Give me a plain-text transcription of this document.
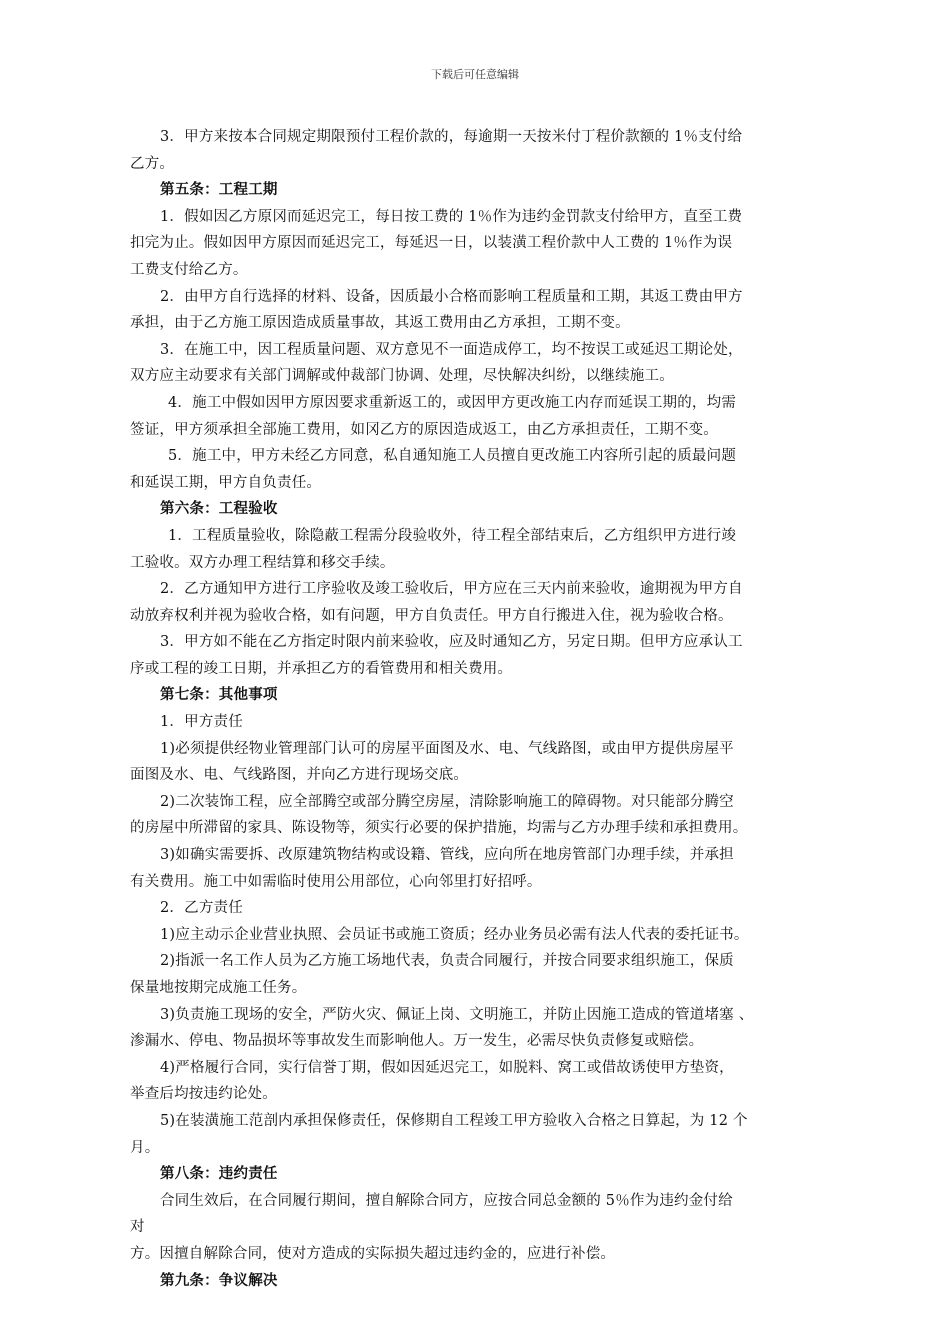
下载后可任意编辑
3．甲方来按本合同规定期限预付工程价款的，每逾期一天按米付丁程价款额的 1％支付给
乙方。
第五条：工程工期
1．假如因乙方原冈而延迟完工，每日按工费的 1％作为违约金罚款支付给甲方，直至工费
扣完为止。假如因甲方原因而延迟完工，每延迟一日，以装潢工程价款中人工费的 1％作为误
工费支付给乙方。
2．由甲方自行选择的材料、设备，因质最小合格而影响工程质量和工期，其返工费由甲方
承担，由于乙方施工原因造成质量事故，其返工费用由乙方承担，工期不变。
3．在施工中，因工程质量问题、双方意见不一面造成停工，均不按误工或延迟工期论处，
双方应主动要求有关部门调解或仲裁部门协调、处理，尽快解决纠纷，以继续施工。
4．施工中假如因甲方原因要求重新返工的，或因甲方更改施工内存而延误工期的，均需
签证，甲方须承担全部施工费用，如冈乙方的原因造成返工，由乙方承担责任，工期不变。
5．施工中，甲方未经乙方同意，私自通知施工人员擅自更改施工内容所引起的质最问题
和延误工期，甲方自负责任。
第六条：工程验收
1．工程质量验收，除隐蔽工程需分段验收外，待工程全部结束后，乙方组织甲方进行竣
工验收。双方办理工程结算和移交手续。
2．乙方通知甲方进行工序验收及竣工验收后，甲方应在三天内前来验收，逾期视为甲方自
动放弃权利并视为验收合格，如有问题，甲方自负责任。甲方自行搬进入住，视为验收合格。
3．甲方如不能在乙方指定时限内前来验收，应及时通知乙方，另定日期。但甲方应承认工
序或工程的竣工日期，并承担乙方的看管费用和相关费用。
第七条：其他事项
1．甲方责任
1)必须提供经物业管理部门认可的房屋平面图及水、电、气线路图，或由甲方提供房屋平
面图及水、电、气线路图，并向乙方进行现场交底。
2)二次装饰工程，应全部腾空或部分腾空房屋，清除影响施工的障碍物。对只能部分腾空
的房屋中所滞留的家具、陈设物等，须实行必要的保护措施，均需与乙方办理手续和承担费用。
3)如确实需要拆、改原建筑物结构或设籍、管线，应向所在地房管部门办理手续，并承担
有关费用。施工中如需临时使用公用部位，心向邻里打好招呼。
2．乙方责任
1)应主动示企业营业执照、会员证书或施工资质；经办业务员必需有法人代表的委托证书。
2)指派一名工作人员为乙方施工场地代表，负责合同履行，并按合同要求组织施工，保质
保量地按期完成施工任务。
3)负责施工现场的安全，严防火灾、佩证上岗、文明施工，并防止因施工造成的管道堵塞 、
渗漏水、停电、物品损坏等事故发生而影响他人。万一发生，必需尽快负责修复或赔偿。
4)严格履行合同，实行信誉丁期，假如因延迟完工，如脱料、窝工或借故诱使甲方垫资，
举查后均按违约论处。
5)在装潢施工范剖内承担保修责任，保修期自工程竣工甲方验收入合格之日算起，为 12 个
月。
第八条：违约责任
合同生效后，在合同履行期间，擅自解除合同方，应按合同总金额的 5％作为违约金付给
对
方。因擅自解除合同，使对方造成的实际损失超过违约金的，应进行补偿。
第九条：争议解决
